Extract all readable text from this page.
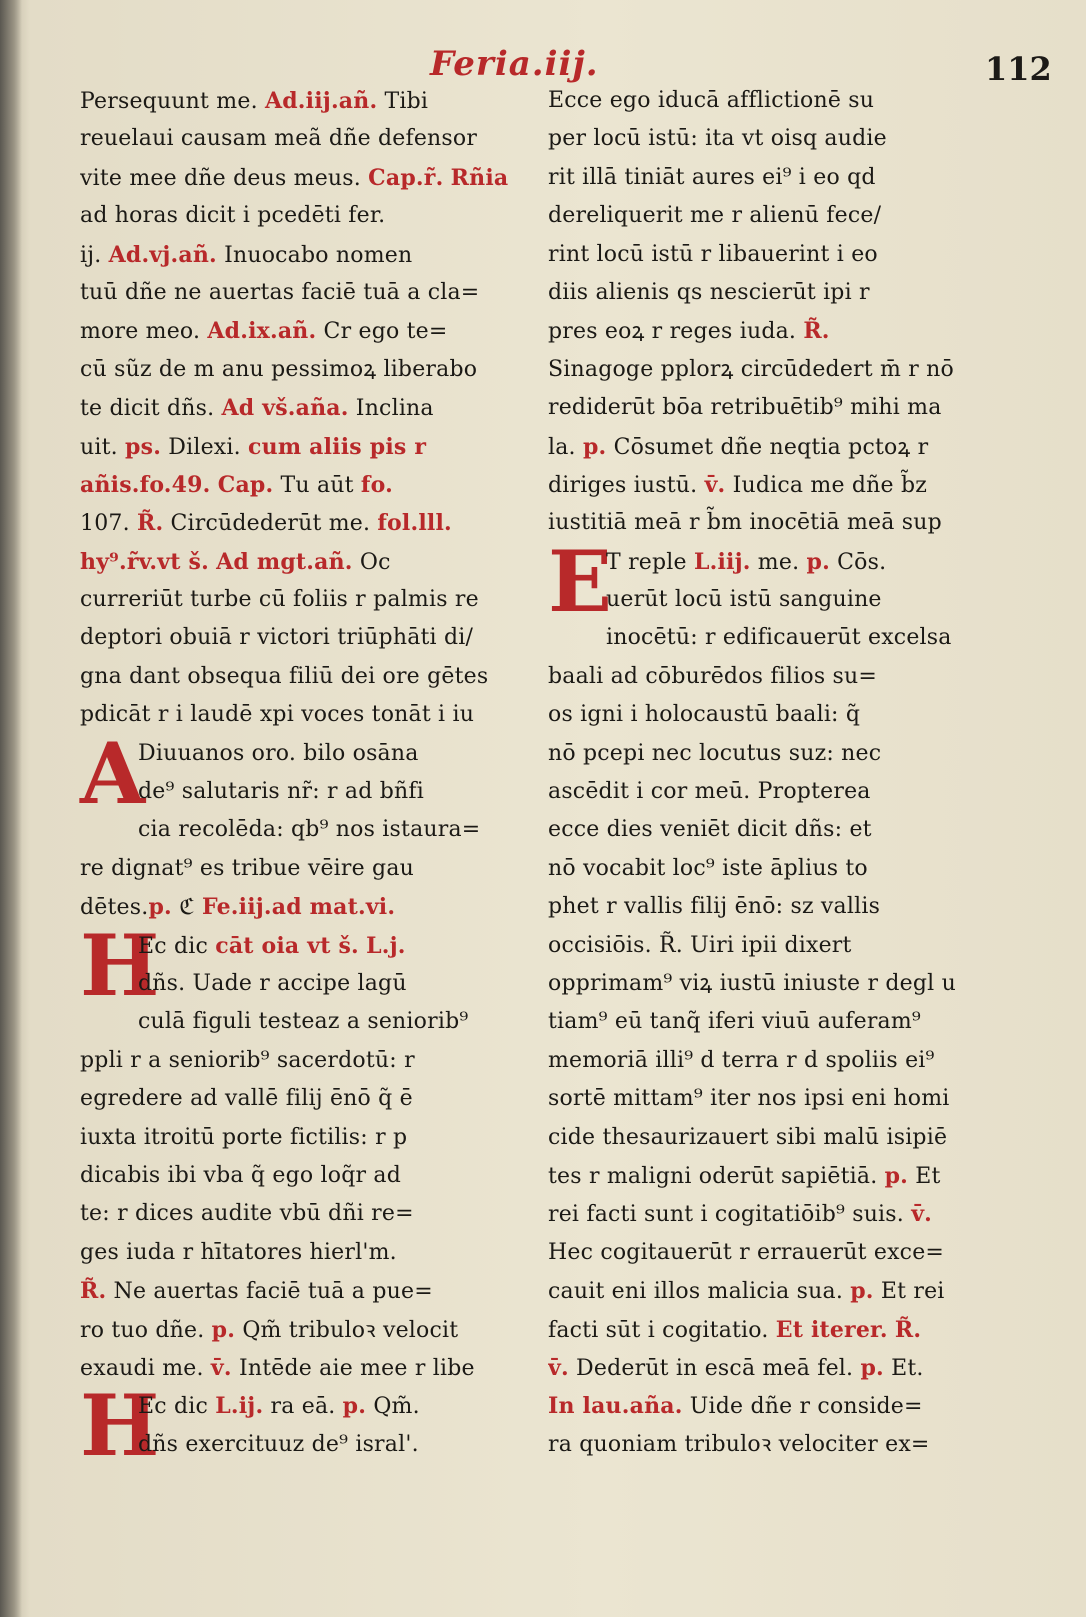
Feria.iij.	112
Persequunt me. Ad.iij.añ. Tibi
reuelaui causam meã dñe defensor
vite mee dñe deus meus. Cap.r̃. Rñia
ad horas dicit i pcedēti fer.
ij. Ad.vj.añ. Inuocabo nomen
tuū dñe ne auertas faciē tuā a cla=
more meo. Ad.ix.añ. Cr ego te=
cū sũz de m anu pessimoꝝ liberabo
te dicit dñs. Ad vš.aña. Inclina
uit. ps. Dilexi. cum aliis pis r
añis.fo.49. Cap. Tu aūt fo.
107. R̃. Circūdederūt me. fol.lll.
hy⁹.r̃v.vt š. Ad mgt.añ. Oc
curreriūt turbe cū foliis r palmis re
deptori obuiā r victori triūphāti di/
gna dant obsequa filiū dei ore gētes
pdicāt r i laudē xpi voces tonāt i iu
A
Diuuanos oro. bilo osāna
de⁹ salutaris nr̃: r ad bñfi
cia recolēda: qb⁹ nos istaura=
re dignat⁹ es tribue vēire gau
dētes.p. ℭ Fe.iij.ad mat.vi.
H
Ec dic cāt oia vt š. L.j.
dñs. Uade r accipe lagū
culā figuli testeaz a seniorib⁹
ppli r a seniorib⁹ sacerdotū: r
egredere ad vallē filij ēnō q̃ ē
iuxta itroitū porte fictilis: r p
dicabis ibi vba q̃ ego loq̃r ad
te: r dices audite vbū dñi re=
ges iuda r hītatores hierl'm.
R̃. Ne auertas faciē tuā a pue=
ro tuo dñe. p. Qm̃ tribuloꝛ velocit
exaudi me. v̄. Intēde aie mee r libe
H
Ec dic L.ij. ra eā. p. Qm̃.
dñs exercituuz de⁹ isral'.
Ecce ego iducā afflictionē su
per locū istū: ita vt oisq audie
rit illā tiniāt aures ei⁹ i eo qd
dereliquerit me r alienū fece/
rint locū istū r libauerint i eo
diis alienis qs nescierūt ipi r
pres eoꝝ r reges iuda. R̃.
Sinagoge pplorꝝ circūdedert m̄ r nō
rediderūt bōa retribuētib⁹ mihi ma
la. p. Cōsumet dñe neqtia pctoꝝ r
diriges iustū. v̄. Iudica me dñe b̃z
iustitiā meā r b̃m inocētiā meā sup
E
T reple L.iij. me. p. Cōs.
uerūt locū istū sanguine
inocētū: r edificauerūt excelsa
baali ad cōburēdos filios su=
os igni i holocaustū baali: q̃
nō pcepi nec locutus suz: nec
ascēdit i cor meū. Propterea
ecce dies veniēt dicit dñs: et
nō vocabit loc⁹ iste āplius to
phet r vallis filij ēnō: sz vallis
occisiōis. R̃. Uiri ipii dixert
opprimam⁹ viꝝ iustū iniuste r degl u
tiam⁹ eū tanq̃ iferi viuū auferam⁹
memoriā illi⁹ d terra r d spoliis ei⁹
sortē mittam⁹ iter nos ipsi eni homi
cide thesaurizauert sibi malū isipiē
tes r maligni oderūt sapiētiā. p. Et
rei facti sunt i cogitatiōib⁹ suis. v̄.
Hec cogitauerūt r errauerūt exce=
cauit eni illos malicia sua. p. Et rei
facti sūt i cogitatio. Et iterer. R̃.
v̄. Dederūt in escā meā fel. p. Et.
In lau.aña. Uide dñe r conside=
ra quoniam tribuloꝛ velociter ex=
